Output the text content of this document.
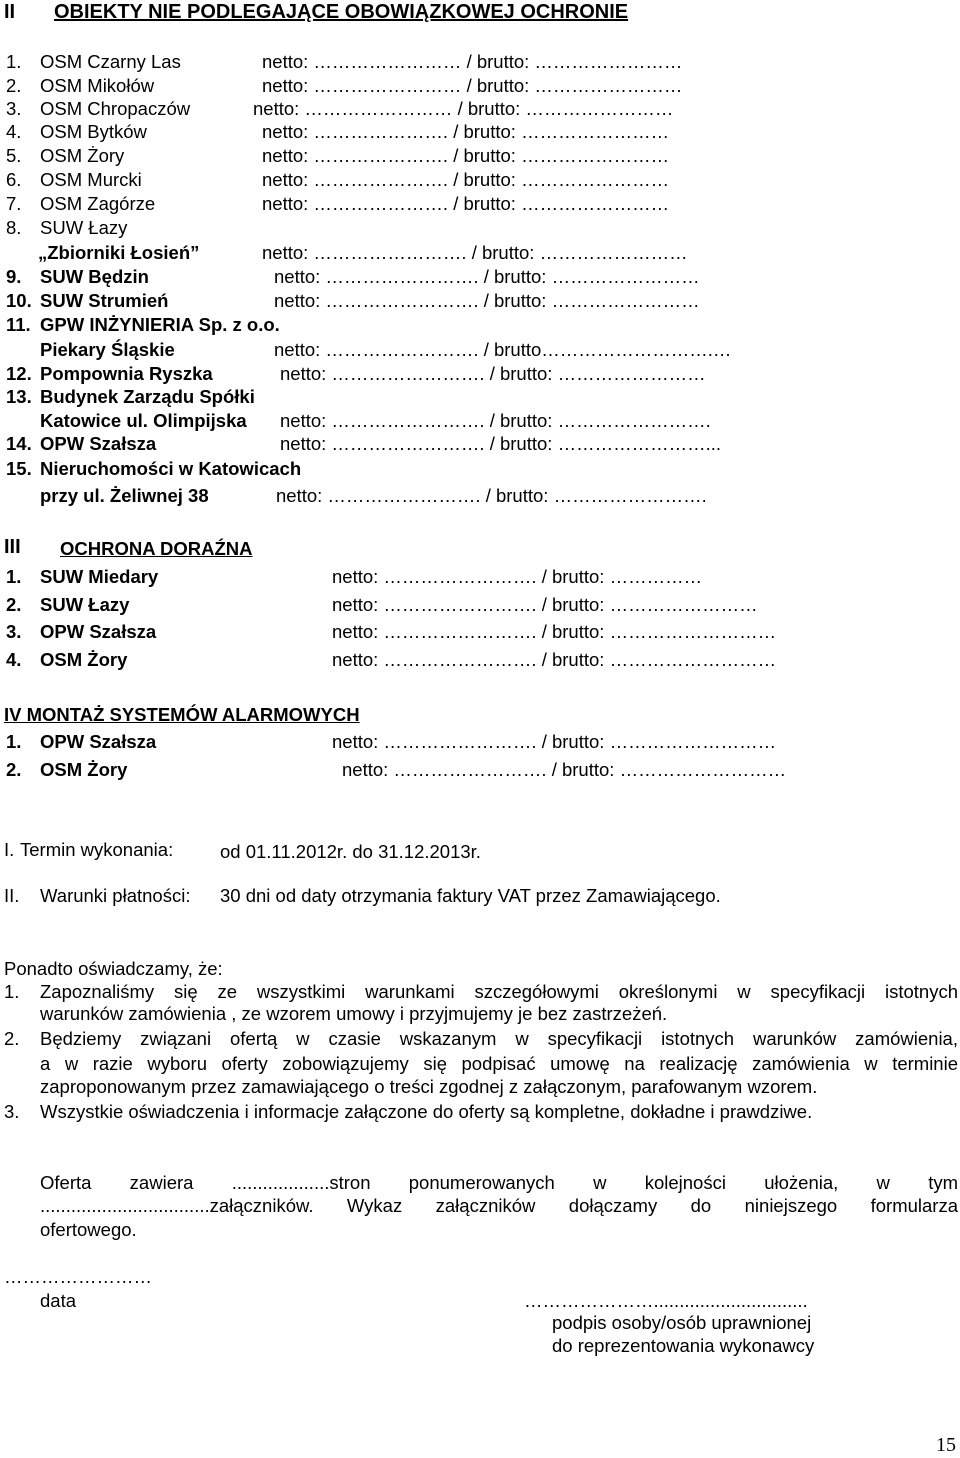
II OBIEKTY NIE PODLEGAJĄCE OBOWIĄZKOWEJ OCHRONIE
1. OSM Czarny Las	netto: …………………… / brutto: ……………………
2. OSM Mikołów	netto: …………………… / brutto: ……………………
3. OSM Chropaczów	netto: …………………… / brutto: ……………………
4. OSM Bytków	netto: …………………. / brutto: ……………………
5. OSM Żory	netto: …………………. / brutto: ……………………
6. OSM Murcki	netto: …………………. / brutto: ……………………
7. OSM Zagórze	netto: …………………. / brutto: ……………………
8. SUW Łazy
„Zbiorniki Łosień”	netto: ……………………. / brutto: ……………………
9. SUW Będzin	netto: ……………………. / brutto: ……………………
10. SUW Strumień	netto: ……………………. / brutto: ……………………
11. GPW INŻYNIERIA Sp. z o.o.
Piekary Śląskie	netto: ……………………. / brutto……………………….…
12. Pompownia Ryszka	netto: ……………………. / brutto: ……………………
13. Budynek Zarządu Spółki
Katowice ul. Olimpijska netto: ……………………. / brutto: …………………….
14. OPW Szałsza	netto: ……………………. / brutto: ……………………...
15. Nieruchomości w Katowicach
przy ul. Żeliwnej 38	netto: ……………………. / brutto: …………………….
III OCHRONA DORAŹNA
1. SUW Miedary	netto: ……………………. / brutto: ……………
2. SUW Łazy	netto: ……………………. / brutto: ……………………
3. OPW Szałsza	netto: ……………………. / brutto: ………………………
4. OSM Żory	netto: ……………………. / brutto: ………………………
IV MONTAŻ SYSTEMÓW ALARMOWYCH
1. OPW Szałsza	netto: ……………………. / brutto: ………………………
2. OSM Żory	netto: ……………………. / brutto: ………………………
I. Termin wykonania:	od 01.11.2012r. do 31.12.2013r.
II. Warunki płatności: 30 dni od daty otrzymania faktury VAT przez Zamawiającego.
Ponadto oświadczamy, że:
1. Zapoznaliśmy się ze wszystkimi warunkami szczegółowymi określonymi w specyfikacji istotnych
warunków zamówienia , ze wzorem umowy i przyjmujemy je bez zastrzeżeń.
2. Będziemy związani ofertą w czasie wskazanym w specyfikacji istotnych warunków zamówienia,
a w razie wyboru oferty zobowiązujemy się podpisać umowę na realizację zamówienia w terminie
zaproponowanym przez zamawiającego o treści zgodnej z załączonym, parafowanym wzorem.
3. Wszystkie oświadczenia i informacje załączone do oferty są kompletne, dokładne i prawdziwe.
Oferta zawiera ...................stron ponumerowanych w kolejności ułożenia, w tym
.................................załączników. Wykaz załączników dołączamy do niniejszego formularza
ofertowego.
……………………
data	…………………..............................
podpis osoby/osób uprawnionej
do reprezentowania wykonawcy
15
